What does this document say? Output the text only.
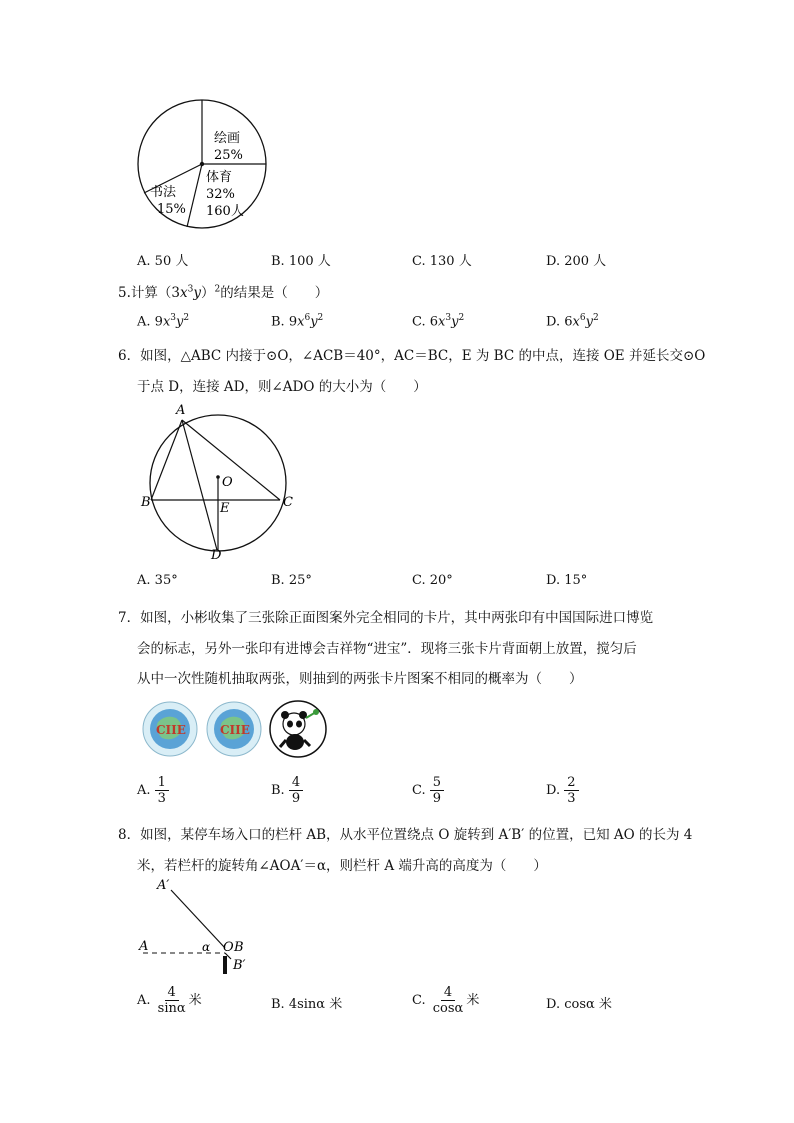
绘画
25%
体育
32%
160人
书法
15%
A. 50 人	B. 100 人	C. 130 人	D. 200 人
5.计算$(3x^3y)^2$的结果是（　　）
A. $9x^3y^2$	B. $9x^6y^2$	C. $6x^3y^2$	D. $6x^6y^2$
6．如图，△ABC 内接于⊙O，∠ACB＝40°，AC＝BC，E 为 BC 的中点，连接 OE 并延长交⊙O
于点 D，连接 AD，则∠ADO 的大小为（　　）
A
B	C
O
E
D
A. 35°	B. 25°	C. 20°	D. 15°
7．如图，小彬收集了三张除正面图案外完全相同的卡片，其中两张印有中国国际进口博览
会的标志，另外一张印有进博会吉祥物“进宝”．现将三张卡片背面朝上放置，搅匀后
从中一次性随机抽取两张，则抽到的两张卡片图案不相同的概率为（　　）
CIIE	CIIE
A. $\frac{1}{3}$	B. $\frac{4}{9}$	C. $\frac{5}{9}$	D. $\frac{2}{3}$
8．如图，某停车场入口的栏杆 AB，从水平位置绕点 O 旋转到 A′B′ 的位置，已知 AO 的长为 4
米，若栏杆的旋转角∠AOA′＝α，则栏杆 A 端升高的高度为（　　）
A′
A	α O B
B′
A. $\frac{4}{\sin\alpha}$ 米	B. 4sinα 米	C. $\frac{4}{\cos\alpha}$ 米	D. cosα 米
